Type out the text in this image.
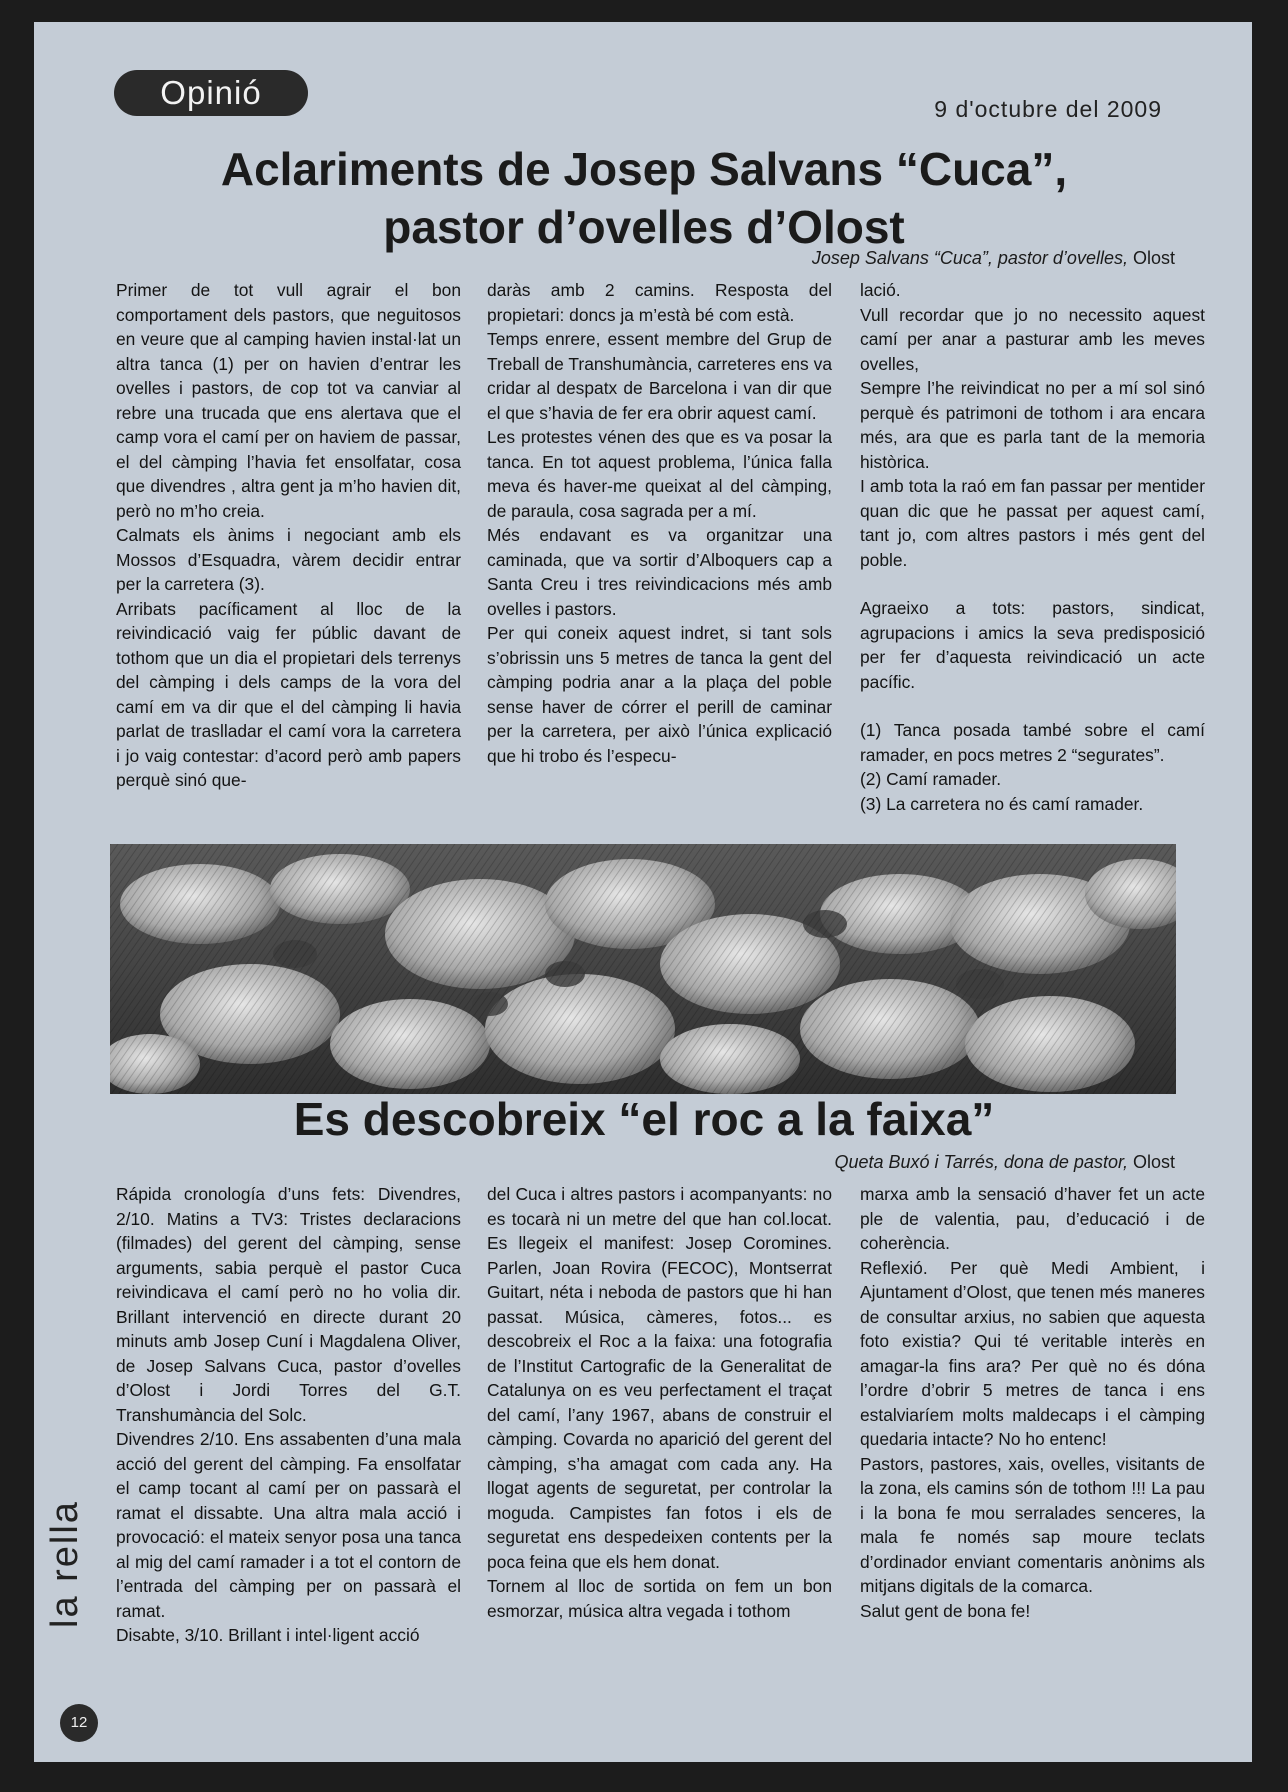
Opinió	9 d'octubre del 2009
Aclariments de Josep Salvans “Cuca”,
pastor d’ovelles d’Olost
Josep Salvans “Cuca”, pastor d’ovelles, Olost

Primer de tot vull agrair el bon comportament dels pastors, que neguitosos en veure que al camping havien instal·lat un altra tanca (1) per on havien d’entrar les ovelles i pastors, de cop tot va canviar al rebre una trucada que ens alertava que el camp vora el camí per on haviem de passar, el del càmping l’havia fet ensolfatar, cosa que divendres , altra gent ja m’ho havien dit, però no m’ho creia.

Calmats els ànims i negociant amb els Mossos d’Esquadra, vàrem decidir entrar per la carretera (3).

Arribats pacíficament al lloc de la reivindicació vaig fer públic davant de tothom que un dia el propietari dels terrenys del càmping i dels camps de la vora del camí em va dir que el del càmping li havia parlat de traslladar el camí vora la carretera i jo vaig contestar: d’acord però amb papers perquè sinó que-

daràs amb 2 camins. Resposta del propietari: doncs ja m’està bé com està.

Temps enrere, essent membre del Grup de Treball de Transhumància, carreteres ens va cridar al despatx de Barcelona i van dir que el que s’havia de fer era obrir aquest camí.

Les protestes vénen des que es va posar la tanca. En tot aquest problema, l’única falla meva és haver-me queixat al del càmping, de paraula, cosa sagrada per a mí.

Més endavant es va organitzar una caminada, que va sortir d’Alboquers cap a Santa Creu i tres reivindicacions més amb ovelles i pastors.

Per qui coneix aquest indret, si tant sols s’obrissin uns 5 metres de tanca la gent del càmping podria anar a la plaça del poble sense haver de córrer el perill de caminar per la carretera, per això l’única explicació que hi trobo és l’especu-

lació.

Vull recordar que jo no necessito aquest camí per anar a pasturar amb les meves ovelles,

Sempre l’he reivindicat no per a mí sol sinó perquè és patrimoni de tothom i ara encara més, ara que es parla tant de la memoria històrica.

I amb tota la raó em fan passar per mentider quan dic que he passat per aquest camí, tant jo, com altres pastors i més gent del poble.

Agraeixo a tots: pastors, sindicat, agrupacions i amics la seva predisposició per fer d’aquesta reivindicació un acte pacífic.

(1) Tanca posada també sobre el camí ramader, en pocs metres 2 “segurates”.

(2) Camí ramader.

(3) La carretera no és camí ramader.

Es descobreix “el roc a la faixa”
Queta Buxó i Tarrés, dona de pastor, Olost

Rápida cronología d’uns fets: Divendres, 2/10. Matins a TV3: Tristes declaracions (filmades) del gerent del càmping, sense arguments, sabia perquè el pastor Cuca reivindicava el camí però no ho volia dir. Brillant intervenció en directe durant 20 minuts amb Josep Cuní i Magdalena Oliver, de Josep Salvans Cuca, pastor d’ovelles d’Olost i Jordi Torres del G.T. Transhumància del Solc.

Divendres 2/10. Ens assabenten d’una mala acció del gerent del càmping. Fa ensolfatar el camp tocant al camí per on passarà el ramat el dissabte. Una altra mala acció i provocació: el mateix senyor posa una tanca al mig del camí ramader i a tot el contorn de l’entrada del càmping per on passarà el ramat.

Disabte, 3/10. Brillant i intel·ligent acció

del Cuca i altres pastors i acompanyants: no es tocarà ni un metre del que han col.locat. Es llegeix el manifest: Josep Coromines. Parlen, Joan Rovira (FECOC), Montserrat Guitart, néta i neboda de pastors que hi han passat. Música, càmeres, fotos... es descobreix el Roc a la faixa: una fotografia de l’Institut Cartografic de la Generalitat de Catalunya on es veu perfectament el traçat del camí, l’any 1967, abans de construir el càmping. Covarda no aparició del gerent del càmping, s’ha amagat com cada any. Ha llogat agents de seguretat, per controlar la moguda. Campistes fan fotos i els de seguretat ens despedeixen contents per la poca feina que els hem donat.

Tornem al lloc de sortida on fem un bon esmorzar, música altra vegada i tothom

marxa amb la sensació d’haver fet un acte ple de valentia, pau, d’educació i de coherència.

Reflexió. Per què Medi Ambient, i Ajuntament d’Olost, que tenen més maneres de consultar arxius, no sabien que aquesta foto existia? Qui té veritable interès en amagar-la fins ara? Per què no és dóna l’ordre d’obrir 5 metres de tanca i ens estalviaríem molts maldecaps i el càmping quedaria intacte? No ho entenc!

Pastors, pastores, xais, ovelles, visitants de la zona, els camins són de tothom !!! La pau i la bona fe mou serralades senceres, la mala fe només sap moure teclats d’ordinador enviant comentaris anònims als mitjans digitals de la comarca.

Salut gent de bona fe!

la rella
12
